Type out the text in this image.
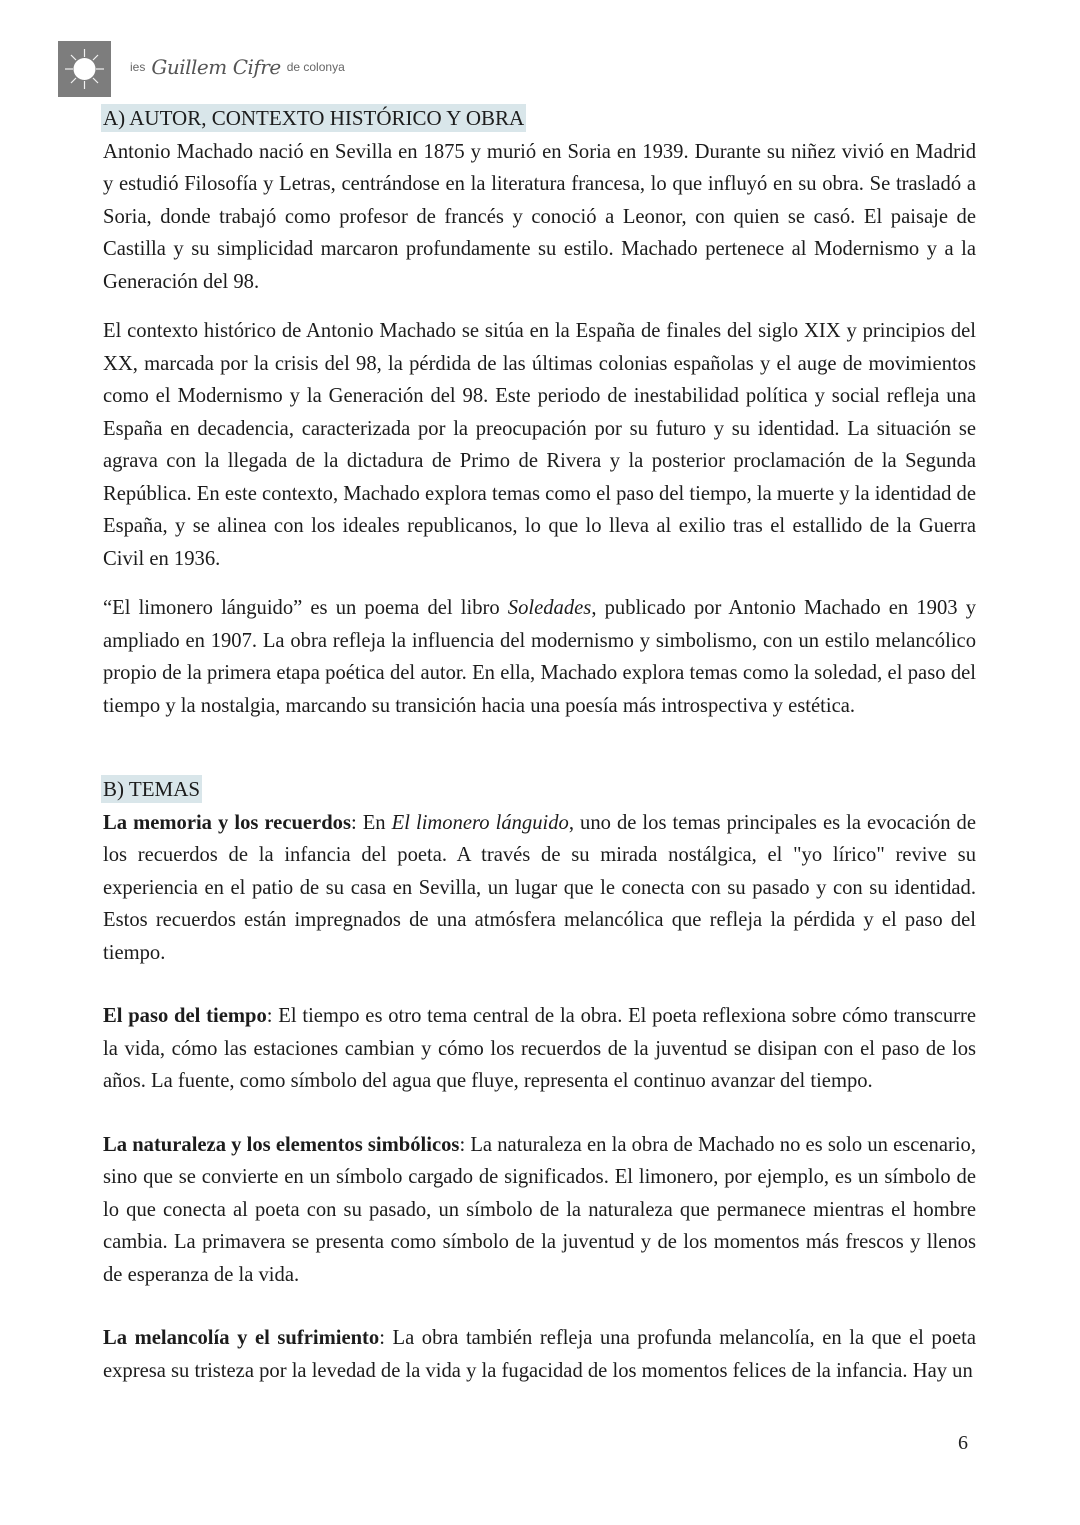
ies Guillem Cifre de colonya
A) AUTOR, CONTEXTO HISTÓRICO Y OBRA

Antonio Machado nació en Sevilla en 1875 y murió en Soria en 1939. Durante su niñez vivió en Madrid y estudió Filosofía y Letras, centrándose en la literatura francesa, lo que influyó en su obra. Se trasladó a Soria, donde trabajó como profesor de francés y conoció a Leonor, con quien se casó. El paisaje de Castilla y su simplicidad marcaron profundamente su estilo. Machado pertenece al Modernismo y a la Generación del 98.

El contexto histórico de Antonio Machado se sitúa en la España de finales del siglo XIX y principios del XX, marcada por la crisis del 98, la pérdida de las últimas colonias españolas y el auge de movimientos como el Modernismo y la Generación del 98. Este periodo de inestabilidad política y social refleja una España en decadencia, caracterizada por la preocupación por su futuro y su identidad. La situación se agrava con la llegada de la dictadura de Primo de Rivera y la posterior proclamación de la Segunda República. En este contexto, Machado explora temas como el paso del tiempo, la muerte y la identidad de España, y se alinea con los ideales republicanos, lo que lo lleva al exilio tras el estallido de la Guerra Civil en 1936.

“El limonero lánguido” es un poema del libro Soledades, publicado por Antonio Machado en 1903 y ampliado en 1907. La obra refleja la influencia del modernismo y simbolismo, con un estilo melancólico propio de la primera etapa poética del autor. En ella, Machado explora temas como la soledad, el paso del tiempo y la nostalgia, marcando su transición hacia una poesía más introspectiva y estética.

B) TEMAS

La memoria y los recuerdos: En El limonero lánguido, uno de los temas principales es la evocación de los recuerdos de la infancia del poeta. A través de su mirada nostálgica, el "yo lírico" revive su experiencia en el patio de su casa en Sevilla, un lugar que le conecta con su pasado y con su identidad. Estos recuerdos están impregnados de una atmósfera melancólica que refleja la pérdida y el paso del tiempo.

El paso del tiempo: El tiempo es otro tema central de la obra. El poeta reflexiona sobre cómo transcurre la vida, cómo las estaciones cambian y cómo los recuerdos de la juventud se disipan con el paso de los años. La fuente, como símbolo del agua que fluye, representa el continuo avanzar del tiempo.

La naturaleza y los elementos simbólicos: La naturaleza en la obra de Machado no es solo un escenario, sino que se convierte en un símbolo cargado de significados. El limonero, por ejemplo, es un símbolo de lo que conecta al poeta con su pasado, un símbolo de la naturaleza que permanece mientras el hombre cambia. La primavera se presenta como símbolo de la juventud y de los momentos más frescos y llenos de esperanza de la vida.

La melancolía y el sufrimiento: La obra también refleja una profunda melancolía, en la que el poeta expresa su tristeza por la levedad de la vida y la fugacidad de los momentos felices de la infancia. Hay un

6
